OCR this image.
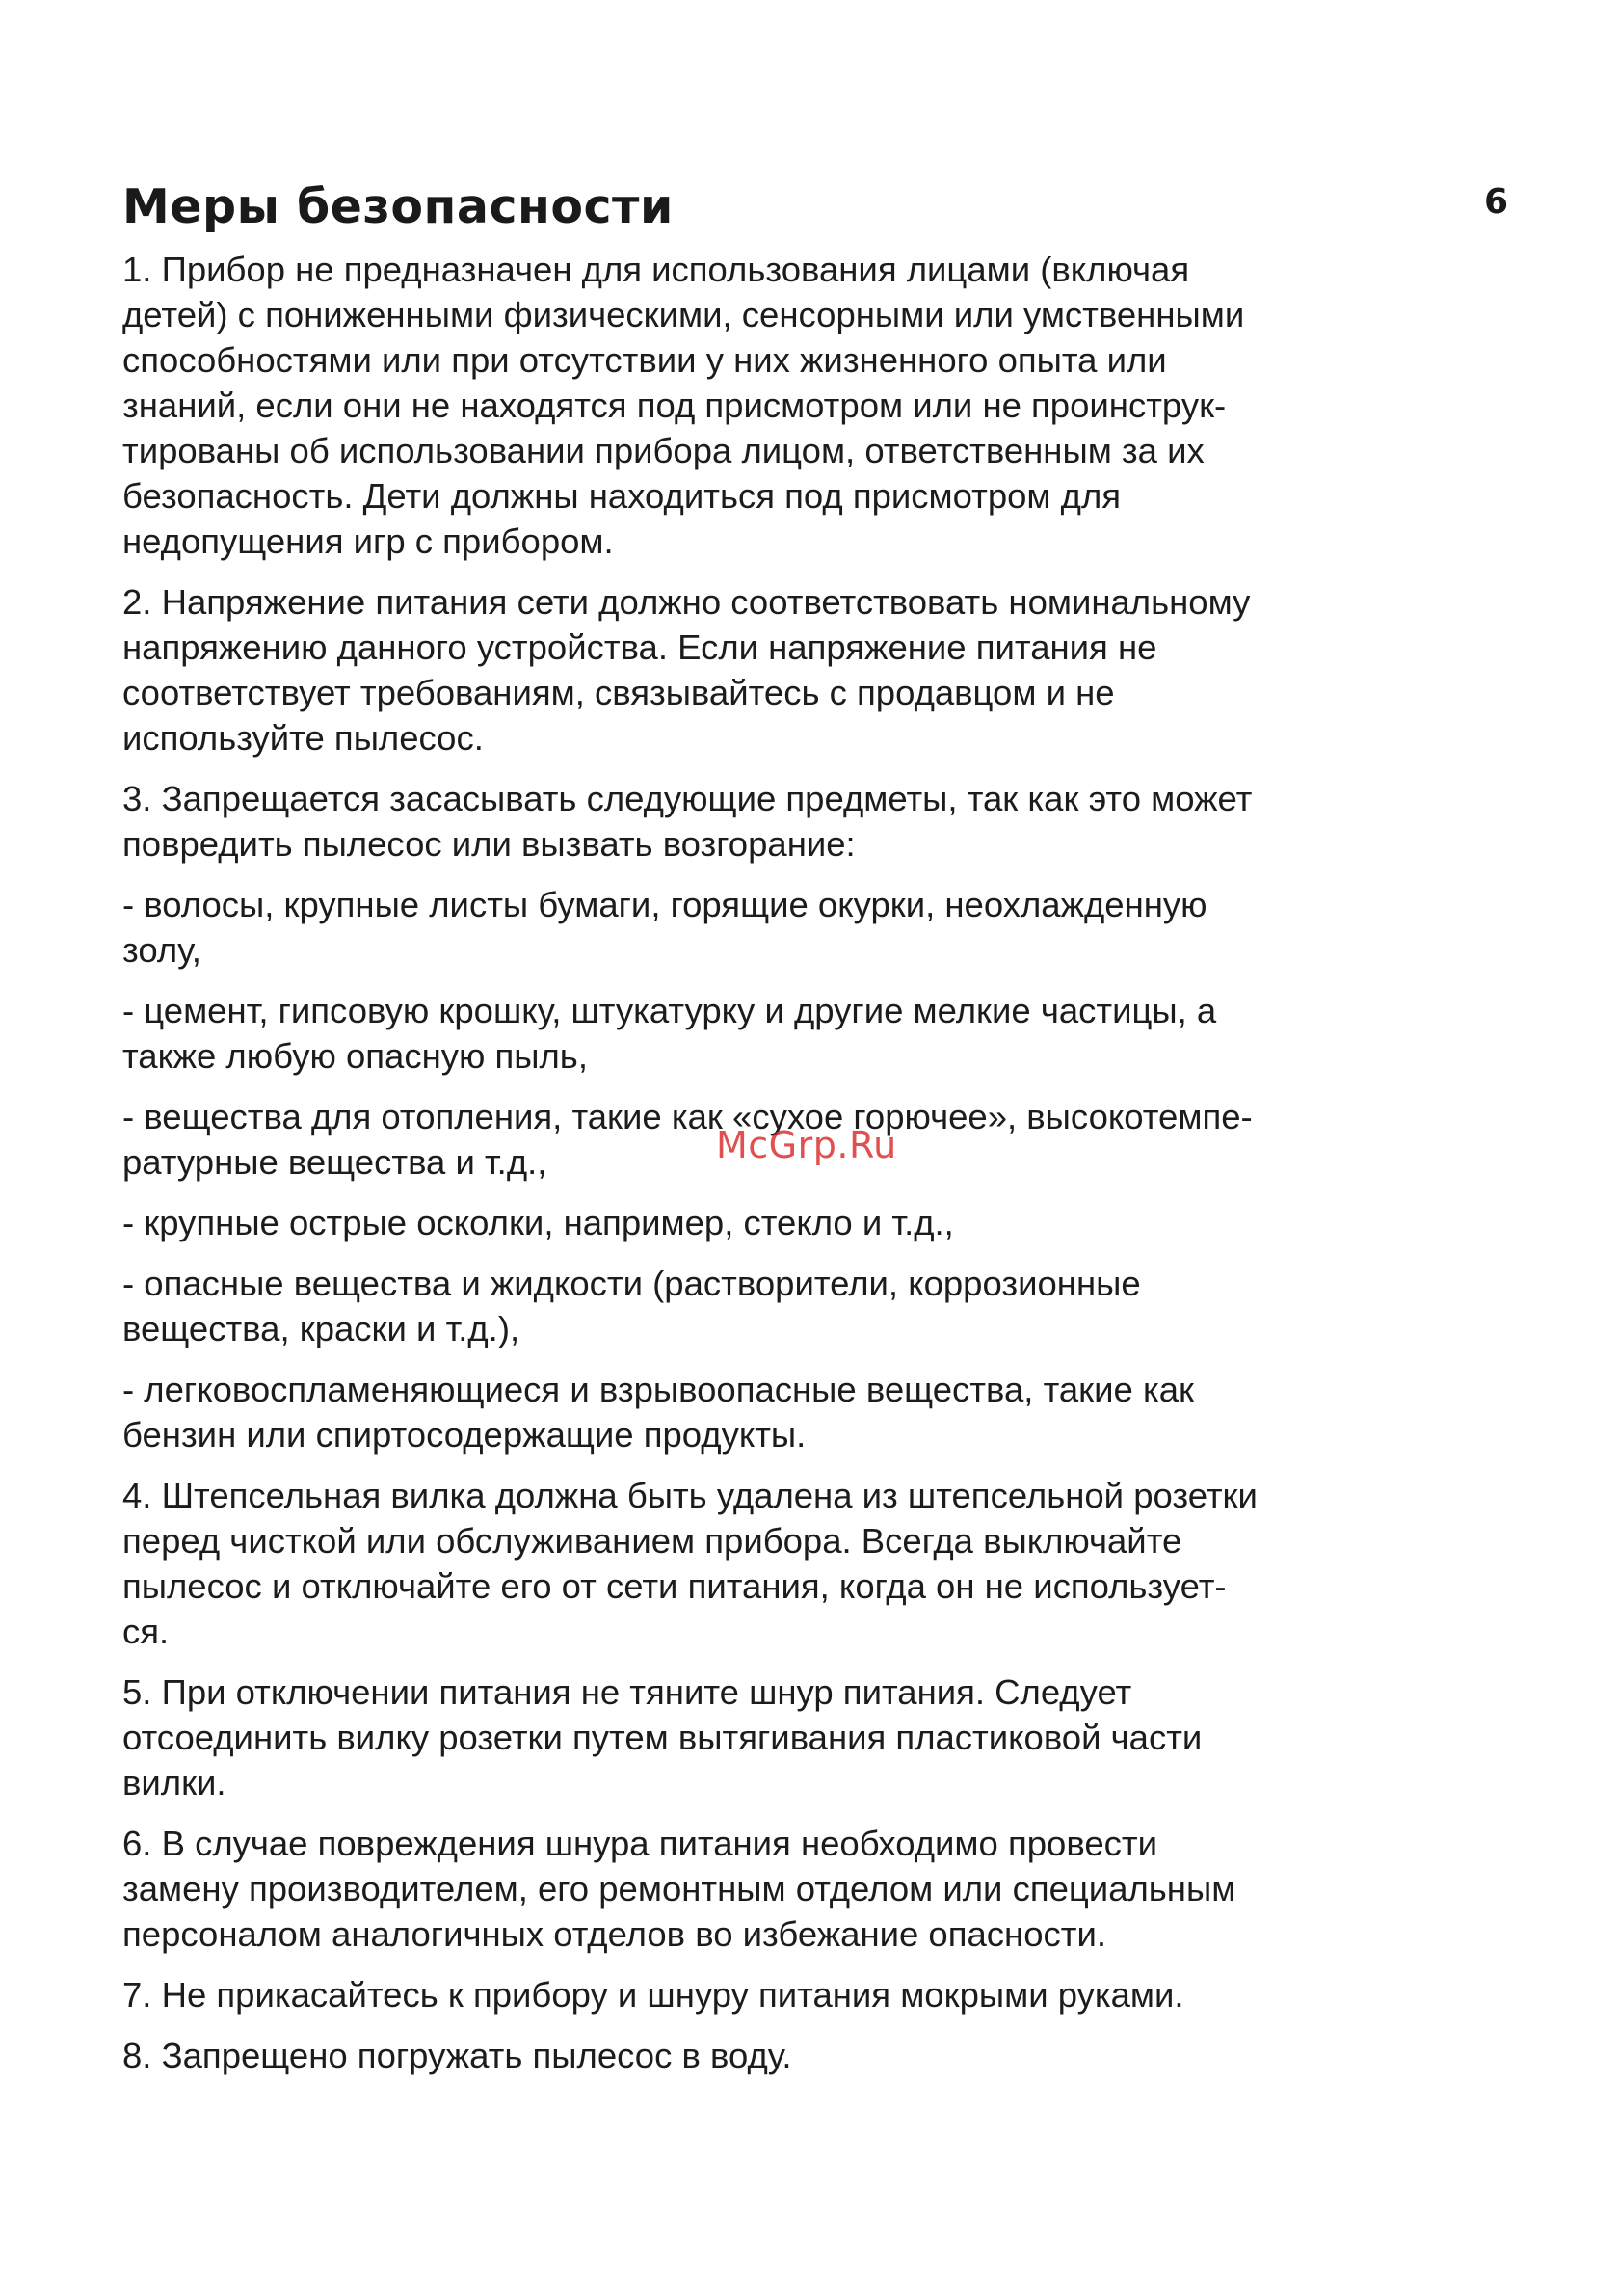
Меры безопасности	6

1. Прибор не предназначен для использования лицами (включая
детей) с пониженными физическими, сенсорными или умственными
способностями или при отсутствии у них жизненного опыта или
знаний, если они не находятся под присмотром или не проинструк-
тированы об использовании прибора лицом, ответственным за их
безопасность. Дети должны находиться под присмотром для
недопущения игр с прибором.

2. Напряжение питания сети должно соответствовать номинальному
напряжению данного устройства. Если напряжение питания не
соответствует требованиям, связывайтесь с продавцом и не
используйте пылесос.

3. Запрещается засасывать следующие предметы, так как это может
повредить пылесос или вызвать возгорание:

- волосы, крупные листы бумаги, горящие окурки, неохлажденную
золу,

- цемент, гипсовую крошку, штукатурку и другие мелкие частицы, а
также любую опасную пыль,

- вещества для отопления, такие как «сухое горючее», высокотемпе-
ратурные вещества и т.д.,

- крупные острые осколки, например, стекло и т.д.,

- опасные вещества и жидкости (растворители, коррозионные
вещества, краски и т.д.),

- легковоспламеняющиеся и взрывоопасные вещества, такие как
бензин или спиртосодержащие продукты.

4. Штепсельная вилка должна быть удалена из штепсельной розетки
перед чисткой или обслуживанием прибора. Всегда выключайте
пылесос и отключайте его от сети питания, когда он не использует-
ся.

5. При отключении питания не тяните шнур питания. Следует
отсоединить вилку розетки путем вытягивания пластиковой части
вилки.

6. В случае повреждения шнура питания необходимо провести
замену производителем, его ремонтным отделом или специальным
персоналом аналогичных отделов во избежание опасности.

7. Не прикасайтесь к прибору и шнуру питания мокрыми руками.

8. Запрещено погружать пылесос в воду.

McGrp.Ru
